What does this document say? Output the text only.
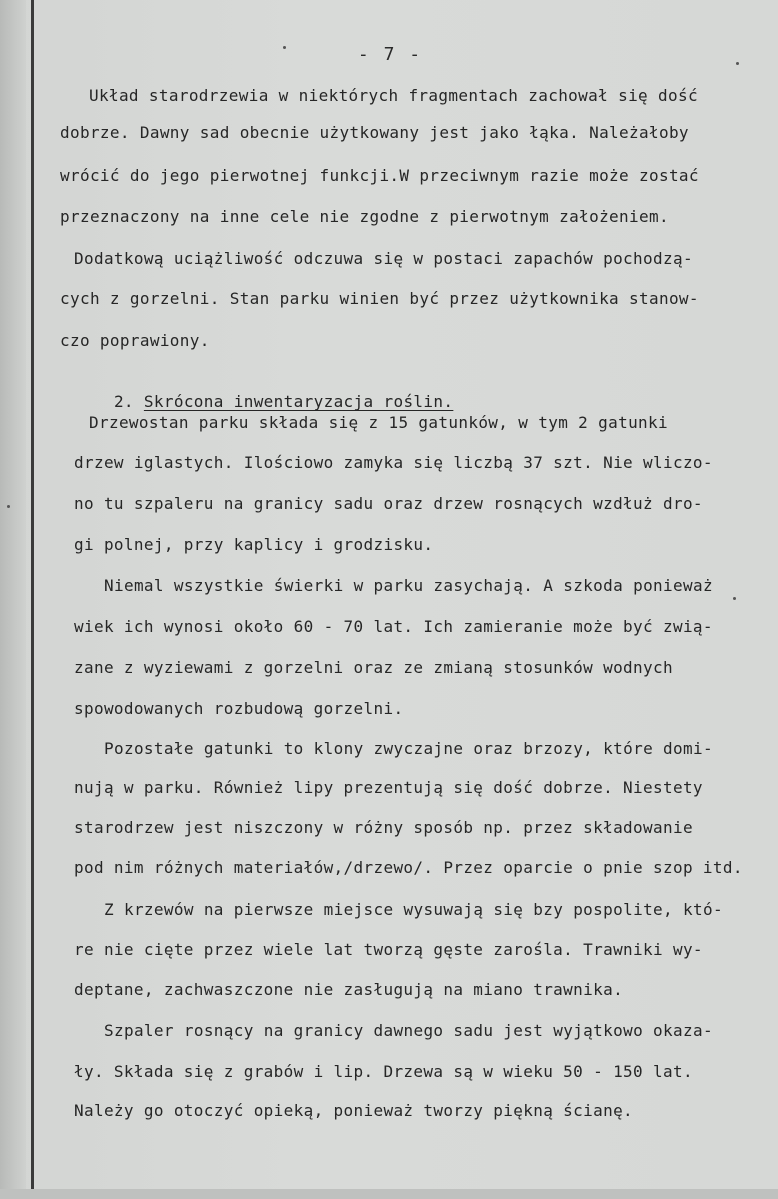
- 7 -
Układ starodrzewia w niektórych fragmentach zachował się dość
dobrze. Dawny sad obecnie użytkowany jest jako łąka. Należałoby
wrócić do jego pierwotnej funkcji.W przeciwnym razie może zostać
przeznaczony na inne cele nie zgodne z pierwotnym założeniem.
Dodatkową uciążliwość odczuwa się w postaci zapachów pochodzą-
cych z gorzelni. Stan parku winien być przez użytkownika stanow-
czo poprawiony.

2. Skrócona inwentaryzacja roślin.

Drzewostan parku składa się z 15 gatunków, w tym 2 gatunki
drzew iglastych. Ilościowo zamyka się liczbą 37 szt. Nie wliczo-
no tu szpaleru na granicy sadu oraz drzew rosnących wzdłuż dro-
gi polnej, przy kaplicy i grodzisku.
Niemal wszystkie świerki w parku zasychają. A szkoda ponieważ
wiek ich wynosi około 60 - 70 lat. Ich zamieranie może być zwią-
zane z wyziewami z gorzelni oraz ze zmianą stosunków wodnych
spowodowanych rozbudową gorzelni.
Pozostałe gatunki to klony zwyczajne oraz brzozy, które domi-
nują w parku. Również lipy prezentują się dość dobrze. Niestety
starodrzew jest niszczony w różny sposób np. przez składowanie
pod nim różnych materiałów,/drzewo/. Przez oparcie o pnie szop itd.
Z krzewów na pierwsze miejsce wysuwają się bzy pospolite, któ-
re nie cięte przez wiele lat tworzą gęste zarośla. Trawniki wy-
deptane, zachwaszczone nie zasługują na miano trawnika.
Szpaler rosnący na granicy dawnego sadu jest wyjątkowo okaza-
ły. Składa się z grabów i lip. Drzewa są w wieku 50 - 150 lat.
Należy go otoczyć opieką, ponieważ tworzy piękną ścianę.
